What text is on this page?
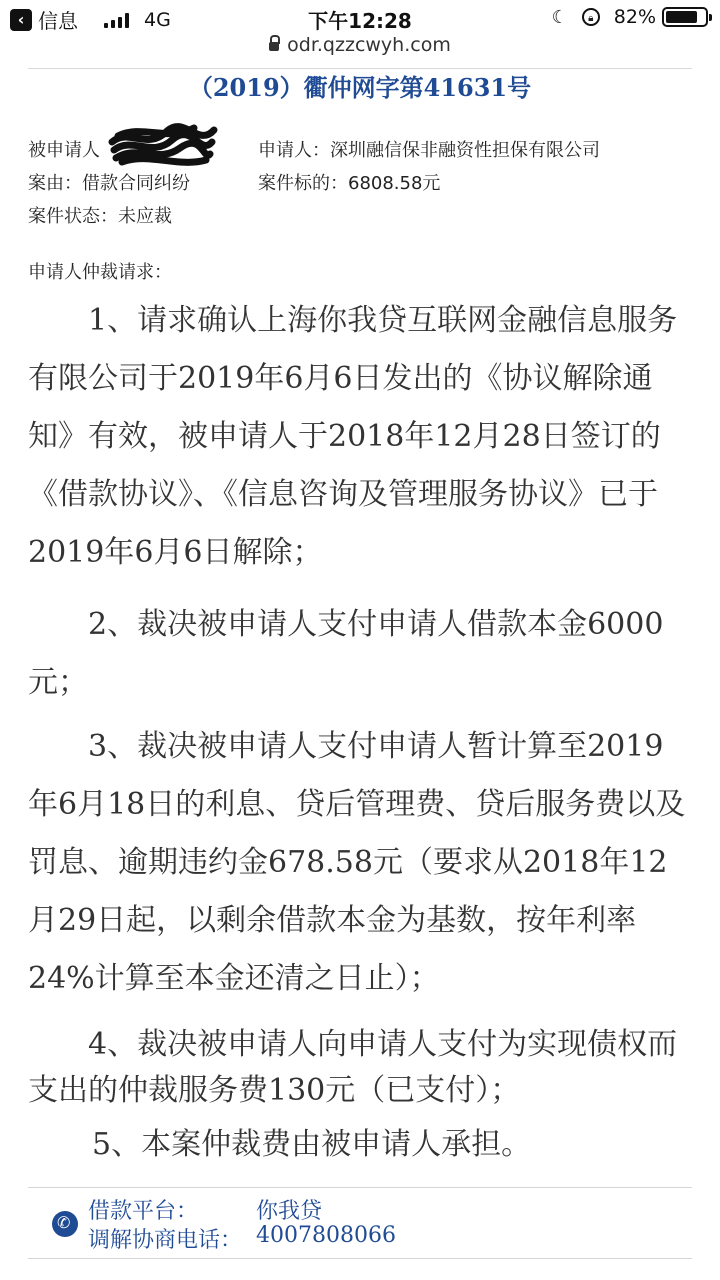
‹ 信息	4G	下午12:28	☾	🔒︎	82%
odr.qzzcwyh.com
（2019）衢仲网字第41631号
被申请人	申请人：深圳融信保非融资性担保有限公司
案由：借款合同纠纷	案件标的：6808.58元
案件状态：未应裁
申请人仲裁请求：
1、请求确认上海你我贷互联网金融信息服务有限公司于2019年6月6日发出的《协议解除通知》有效，被申请人于2018年12月28日签订的《借款协议》、《信息咨询及管理服务协议》已于2019年6月6日解除；
2、裁决被申请人支付申请人借款本金6000元；
3、裁决被申请人支付申请人暂计算至2019年6月18日的利息、贷后管理费、贷后服务费以及罚息、逾期违约金678.58元（要求从2018年12月29日起，以剩余借款本金为基数，按年利率24%计算至本金还清之日止）；
4、裁决被申请人向申请人支付为实现债权而支出的仲裁服务费130元（已支付）；
5、本案仲裁费由被申请人承担。
✆
借款平台：	你我贷
调解协商电话： 4007808066
